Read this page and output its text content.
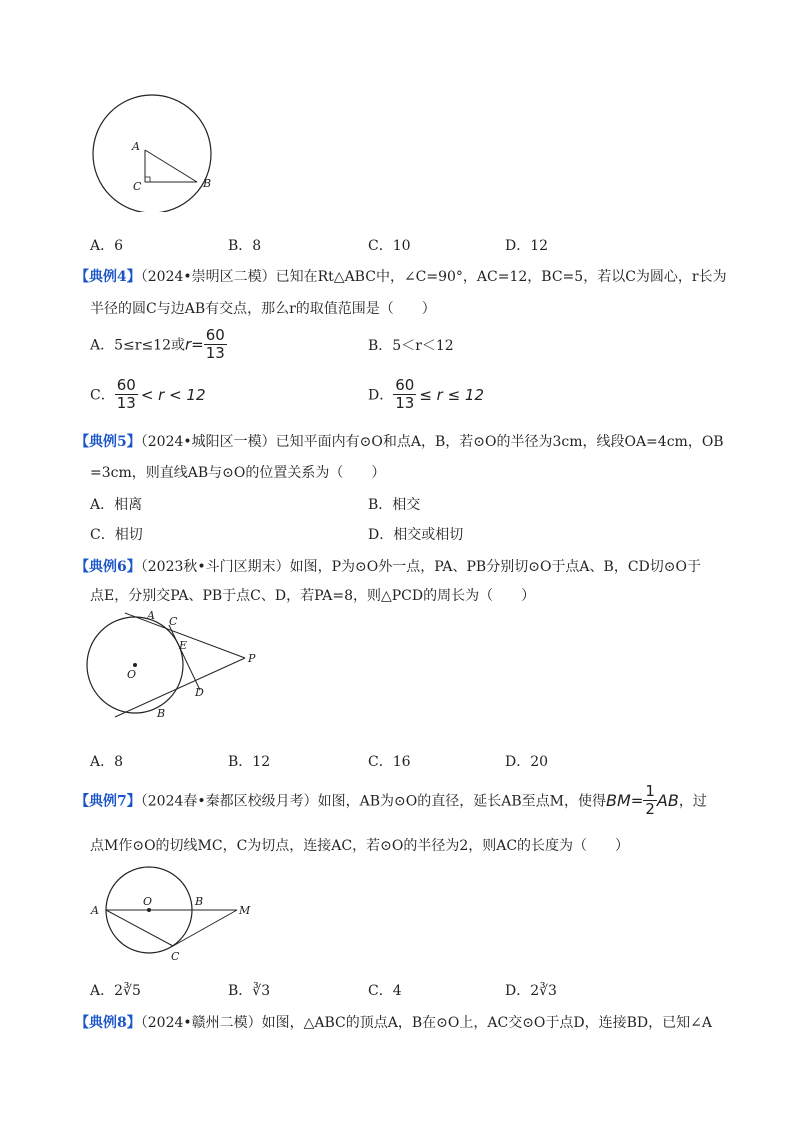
A
C	B
A．6	B．8	C．10	D．12
【典例4】（2024•崇明区二模）已知在Rt△ABC中，∠C=90°，AC=12，BC=5，若以C为圆心，r长为
半径的圆C与边AB有交点，那么r的取值范围是（　　）
A．5≤r≤12或$r= \frac{60}{13}$	B．5＜r＜12
C． $\frac{60}{13} < r < 12$	D． $\frac{60}{13} \le r \le 12$
【典例5】（2024•城阳区一模）已知平面内有⊙O和点A，B，若⊙O的半径为3cm，线段OA=4cm，OB
=3cm，则直线AB与⊙O的位置关系为（　　）
A．相离	B．相交
C．相切	D．相交或相切
【典例6】（2023秋•斗门区期末）如图，P为⊙O外一点，PA、PB分别切⊙O于点A、B，CD切⊙O于
点E，分别交PA、PB于点C、D，若PA=8，则△PCD的周长为（　　）
A C
E
P
O
D
B
A．8	B．12	C．16	D．20
【典例7】（2024春•秦都区校级月考）如图，AB为⊙O的直径，延长AB至点M，使得$BM= \frac{1}{2}$ AB，过
点M作⊙O的切线MC，C为切点，连接AC，若⊙O的半径为2，则AC的长度为（　　）
A
O	B
M
C
A．2∛5	B．∛3	C．4	D．2∛3
【典例8】（2024•赣州二模）如图，△ABC的顶点A，B在⊙O上，AC交⊙O于点D，连接BD，已知∠A
